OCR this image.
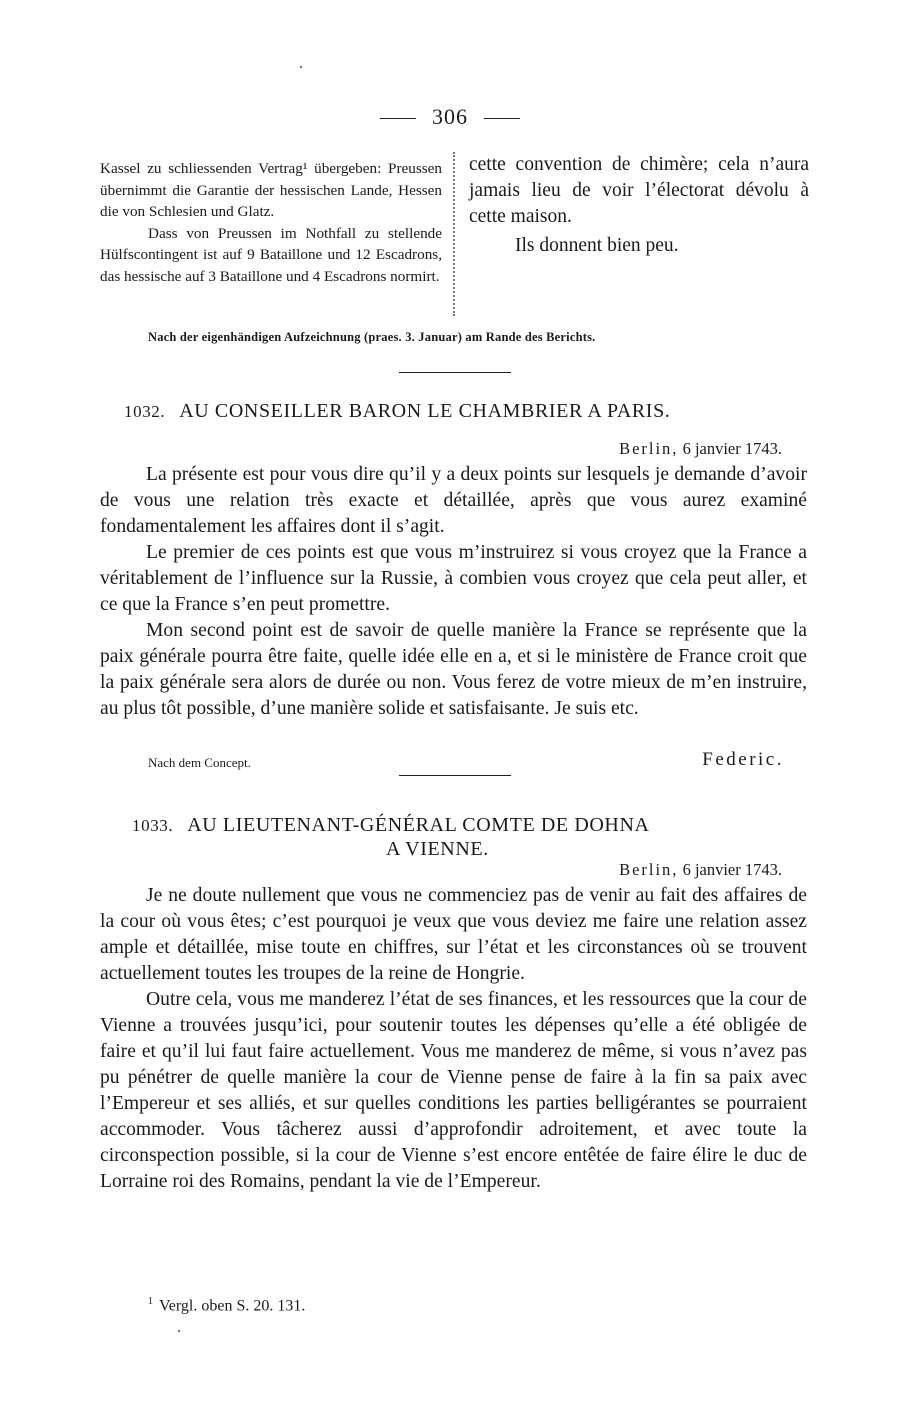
306

Kassel zu schliessenden Vertrag¹ übergeben: Preussen übernimmt die Garantie der hessischen Lande, Hessen die von Schlesien und Glatz.

Dass von Preussen im Nothfall zu stellende Hülfscontingent ist auf 9 Bataillone und 12 Escadrons, das hessische auf 3 Bataillone und 4 Escadrons normirt.

cette convention de chimère; cela n’aura jamais lieu de voir l’électorat dévolu à cette maison.

Ils donnent bien peu.

Nach der eigenhändigen Aufzeichnung (praes. 3. Januar) am Rande des Berichts.
1032. AU CONSEILLER BARON LE CHAMBRIER A PARIS.
Berlin, 6 janvier 1743.

La présente est pour vous dire qu’il y a deux points sur lesquels je demande d’avoir de vous une relation très exacte et détaillée, après que vous aurez examiné fondamentalement les affaires dont il s’agit.

Le premier de ces points est que vous m’instruirez si vous croyez que la France a véritablement de l’influence sur la Russie, à combien vous croyez que cela peut aller, et ce que la France s’en peut promettre.

Mon second point est de savoir de quelle manière la France se représente que la paix générale pourra être faite, quelle idée elle en a, et si le ministère de France croit que la paix générale sera alors de durée ou non. Vous ferez de votre mieux de m’en instruire, au plus tôt possible, d’une manière solide et satisfaisante. Je suis etc.

Nach dem Concept.	Federic.
1033. AU LIEUTENANT-GÉNÉRAL COMTE DE DOHNA
A VIENNE.
Berlin, 6 janvier 1743.

Je ne doute nullement que vous ne commenciez pas de venir au fait des affaires de la cour où vous êtes; c’est pourquoi je veux que vous deviez me faire une relation assez ample et détaillée, mise toute en chiffres, sur l’état et les circonstances où se trouvent actuellement toutes les troupes de la reine de Hongrie.

Outre cela, vous me manderez l’état de ses finances, et les ressources que la cour de Vienne a trouvées jusqu’ici, pour soutenir toutes les dépenses qu’elle a été obligée de faire et qu’il lui faut faire actuellement. Vous me manderez de même, si vous n’avez pas pu pénétrer de quelle manière la cour de Vienne pense de faire à la fin sa paix avec l’Empereur et ses alliés, et sur quelles conditions les parties belligérantes se pourraient accommoder. Vous tâcherez aussi d’approfondir adroitement, et avec toute la circonspection possible, si la cour de Vienne s’est encore entêtée de faire élire le duc de Lorraine roi des Romains, pendant la vie de l’Empereur.

$^1$ Vergl. oben S. 20. 131.
